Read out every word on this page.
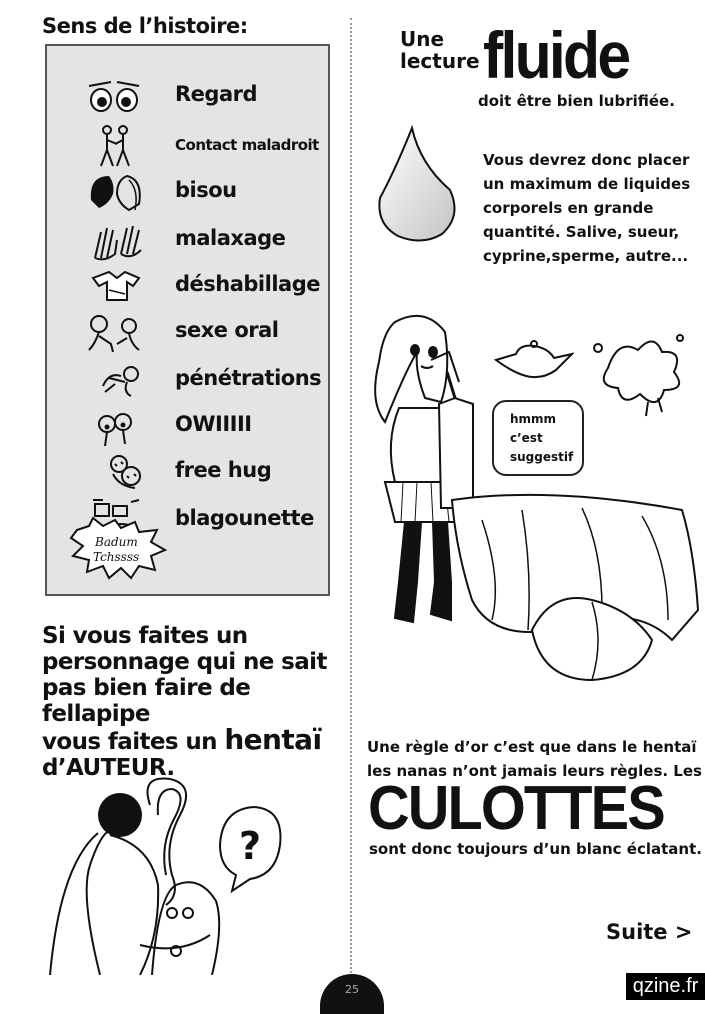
Sens de l’histoire:
Regard
Contact maladroit
bisou
malaxage
déshabillage
sexe oral
pénétrations
OWIIIII
free hug
blagounette
Badum
Tchssss
Si vous faites un
personnage qui ne sait
pas bien faire de fellapipe
vous faites un hentaï
d’AUTEUR.
?
Une
lecture fluide
doit être bien lubrifiée.
Vous devrez donc placer
un maximum de liquides
corporels en grande
quantité. Salive, sueur,
cyprine,sperme, autre...
hmmm
c’est
suggestif
Une règle d’or c’est que dans le hentaï
les nanas n’ont jamais leurs règles. Les
CULOTTES
sont donc toujours d’un blanc éclatant.
Suite >
25	qzine.fr
